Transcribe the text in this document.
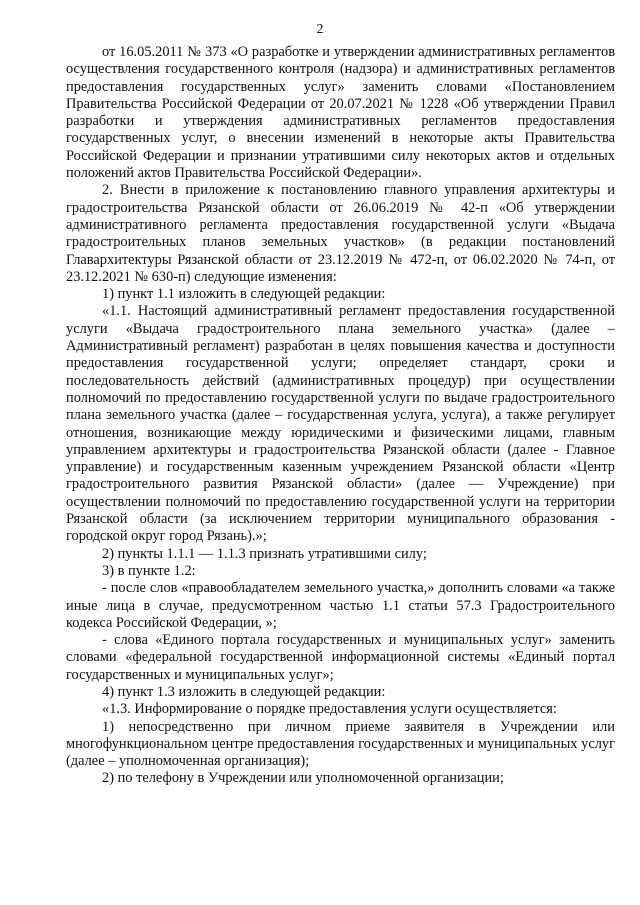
2

от 16.05.2011 № 373 «О разработке и утверждении административных регламентов осуществления государственного контроля (надзора) и административных регламентов предоставления государственных услуг» заменить словами «Постановлением Правительства Российской Федерации от 20.07.2021 № 1228 «Об утверждении Правил разработки и утверждения административных регламентов предоставления государственных услуг, о внесении изменений в некоторые акты Правительства Российской Федерации и признании утратившими силу некоторых актов и отдельных положений актов Правительства Российской Федерации».

2. Внести в приложение к постановлению главного управления архитектуры и градостроительства Рязанской области от 26.06.2019 № 42-п «Об утверждении административного регламента предоставления государственной услуги «Выдача градостроительных планов земельных участков» (в редакции постановлений Главархитектуры Рязанской области от 23.12.2019 № 472-п, от 06.02.2020 № 74-п, от 23.12.2021 № 630-п) следующие изменения:

1) пункт 1.1 изложить в следующей редакции:

«1.1. Настоящий административный регламент предоставления государственной услуги «Выдача градостроительного плана земельного участка» (далее – Административный регламент) разработан в целях повышения качества и доступности предоставления государственной услуги; определяет стандарт, сроки и последовательность действий (административных процедур) при осуществлении полномочий по предоставлению государственной услуги по выдаче градостроительного плана земельного участка (далее – государственная услуга, услуга), а также регулирует отношения, возникающие между юридическими и физическими лицами, главным управлением архитектуры и градостроительства Рязанской области (далее - Главное управление) и государственным казенным учреждением Рязанской области «Центр градостроительного развития Рязанской области» (далее — Учреждение) при осуществлении полномочий по предоставлению государственной услуги на территории Рязанской области (за исключением территории муниципального образования - городской округ город Рязань).»;

2) пункты 1.1.1 — 1.1.3 признать утратившими силу;

3) в пункте 1.2:

- после слов «правообладателем земельного участка,» дополнить словами «а также иные лица в случае, предусмотренном частью 1.1 статьи 57.3 Градостроительного кодекса Российской Федерации, »;

- слова «Единого портала государственных и муниципальных услуг» заменить словами «федеральной государственной информационной системы «Единый портал государственных и муниципальных услуг»;

4) пункт 1.3 изложить в следующей редакции:

«1.3. Информирование о порядке предоставления услуги осуществляется:

1) непосредственно при личном приеме заявителя в Учреждении или многофункциональном центре предоставления государственных и муниципальных услуг (далее – уполномоченная организация);

2) по телефону в Учреждении или уполномоченной организации;
